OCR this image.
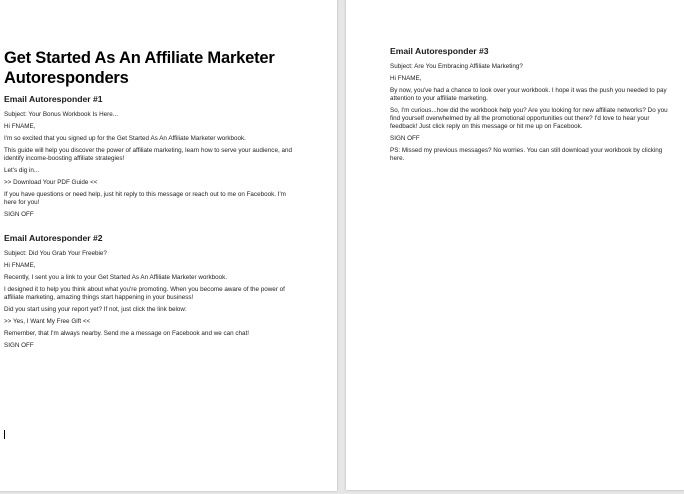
Get Started As An Affiliate Marketer Autoresponders
Email Autoresponder #1

Subject: Your Bonus Workbook Is Here...

Hi FNAME,

I'm so excited that you signed up for the Get Started As An Affiliate Marketer workbook.

This guide will help you discover the power of affiliate marketing, learn how to serve your audience, and identify income-boosting affiliate strategies!

Let's dig in...

>> Download Your PDF Guide <<

If you have questions or need help, just hit reply to this message or reach out to me on Facebook. I'm here for you!

SIGN OFF

Email Autoresponder #2

Subject: Did You Grab Your Freebie?

Hi FNAME,

Recently, I sent you a link to your Get Started As An Affiliate Marketer workbook.

I designed it to help you think about what you're promoting. When you become aware of the power of affiliate marketing, amazing things start happening in your business!

Did you start using your report yet? If not, just click the link below:

>> Yes, I Want My Free Gift <<

Remember, that I'm always nearby. Send me a message on Facebook and we can chat!

SIGN OFF

Email Autoresponder #3

Subject: Are You Embracing Affiliate Marketing?

Hi FNAME,

By now, you've had a chance to look over your workbook. I hope it was the push you needed to pay attention to your affiliate marketing.

So, I'm curious...how did the workbook help you? Are you looking for new affiliate networks? Do you find yourself overwhelmed by all the promotional opportunities out there? I'd love to hear your feedback! Just click reply on this message or hit me up on Facebook.

SIGN OFF

PS: Missed my previous messages? No worries. You can still download your workbook by clicking here.
